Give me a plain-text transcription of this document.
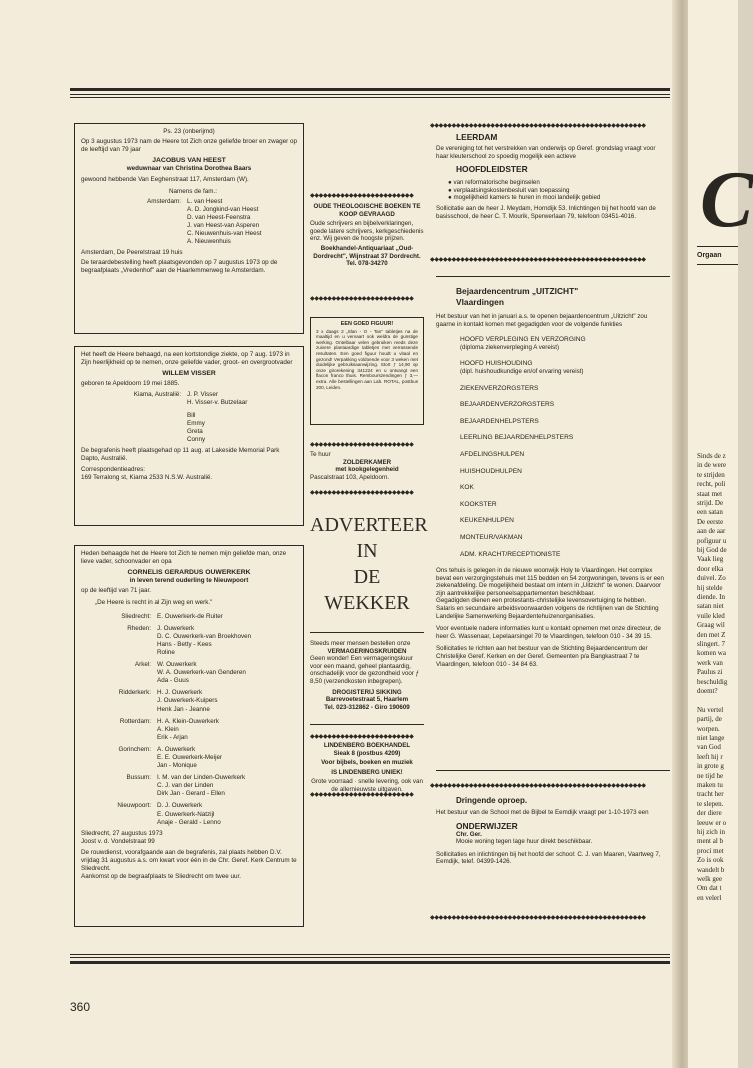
Ps. 23 (onberijmd)

Op 3 augustus 1973 nam de Heere tot Zich onze geliefde broer en zwager op de leeftijd van 79 jaar

JACOBUS VAN HEEST

weduwnaar van Christina Dorothea Baars

gewoond hebbende Van Eeghenstraat 117, Amsterdam (W).

Namens de fam.:

Amsterdam: L. van Heest

A. D. Jongkind-van Heest

D. van Heest-Feenstra

J. van Heest-van Asperen

C. Nieuwenhuis-van Heest

A. Nieuwenhuis

Amsterdam, De Peerelstraat 19 huis

De teraardebestelling heeft plaatsgevonden op 7 augustus 1973 op de begraafplaats „Vredenhof" aan de Haarlemmerweg te Amsterdam.

Het heeft de Heere behaagd, na een kortstondige ziekte, op 7 aug. 1973 in Zijn heerlijkheid op te nemen, onze geliefde vader, groot- en overgrootvader

WILLEM VISSER

geboren te Apeldoorn 19 mei 1885.

Kiama, Australië: J. P. Visser

H. Visser-v. Butzelaar

Bill

Emmy

Greta

Conny

De begrafenis heeft plaatsgehad op 11 aug. at Lakeside Memorial Park Dapto, Australië.

Correspondentieadres:

169 Terralong st, Kiama 2533 N.S.W. Australië.

Heden behaagde het de Heere tot Zich te nemen mijn geliefde man, onze lieve vader, schoonvader en opa

CORNELIS GERARDUS OUWERKERK

in leven terend ouderling te Nieuwpoort

op de leeftijd van 71 jaar.

„De Heere is recht in al Zijn weg en werk."

Sliedrecht: E. Ouwerkerk-de Ruiter

Rheden: J. Ouwerkerk

D. C. Ouwerkerk-van Broekhoven

Hans - Betty - Kees

Roline

Arkel: W. Ouwerkerk

W. A. Ouwerkerk-van Genderen

Ada - Guus

Ridderkerk: H. J. Ouwerkerk

J. Ouwerkerk-Kuipers

Henk Jan - Jeanne

Rotterdam: H. A. Klein-Ouwerkerk

A. Klein

Erik - Arjan

Gorinchem: A. Ouwerkerk

E. E. Ouwerkerk-Meijer

Jan - Monique

Bussum: I. M. van der Linden-Ouwerkerk

C. J. van der Linden

Dirk Jan - Gerard - Ellen

Nieuwpoort: D. J. Ouwerkerk

E. Ouwerkerk-Natzijl

Anaje - Gerald - Lenno

Sliedrecht, 27 augustus 1973

Joost v. d. Vondelstraat 99

De rouwdienst, voorafgaande aan de begrafenis, zal plaats hebben D.V. vrijdag 31 augustus a.s. om kwart voor één in de Chr. Geref. Kerk Centrum te Sliedrecht.

Aankomst op de begraafplaats te Sliedrecht om twee uur.

◆◆◆◆◆◆◆◆◆◆◆◆◆◆◆◆◆◆◆◆◆◆◆◆

OUDE THEOLOGISCHE BOEKEN TE KOOP GEVRAAGD

Oude schrijvers en bijbelverklaringen, goede latere schrijvers, kerkgeschiedenis enz. Wij geven de hoogste prijzen.

Boekhandel-Antiquariaat „Oud-Dordrecht", Wijnstraat 37 Dordrecht. Tel. 078-34270

◆◆◆◆◆◆◆◆◆◆◆◆◆◆◆◆◆◆◆◆◆◆◆◆

EEN GOED FIGUUR!

3 x daags 2 „Slan - O - Tan" tabletjes na de maaltijd en u vervaart ook weldra de gunstige werking. Ontelbaar velen gebruiken reeds deze zuivere plantaardige tabletjes met verrassende resultaten. Een goed figuur houdt u vitaal en gezond! Verpakking voldoende voor 3 weken met duidelijke gebruiksaanwijzing. Stort ƒ 14,90 op onze girorekening 341224 en u ontvangt een flacon franco thuis. Rembourszendingen ƒ 3,— extra. Alle bestellingen aan Lab. ROTAL, postbus 200, Leiden.

◆◆◆◆◆◆◆◆◆◆◆◆◆◆◆◆◆◆◆◆◆◆◆◆

Te huur

ZOLDERKAMER

met kookgelegenheid

Pascalstraat 103, Apeldoorn.

◆◆◆◆◆◆◆◆◆◆◆◆◆◆◆◆◆◆◆◆◆◆◆◆
ADVERTEER
IN
DE
WEKKER

Steeds meer mensen bestellen onze

VERMAGERINGSKRUIDEN

Geen wonder! Een vermageringskuur voor een maand, geheel plantaardig, onschadelijk voor de gezondheid voor ƒ 8,50 (verzendkosten inbegrepen).

DROGISTERIJ SIKKING

Barrevoetestraat 5, Haarlem

Tel. 023-312862 - Giro 190609

◆◆◆◆◆◆◆◆◆◆◆◆◆◆◆◆◆◆◆◆◆◆◆◆

LINDENBERG BOEKHANDEL

Sieak 8 (postbus 4209)

Voor bijbels, boeken en muziek

IS LINDENBERG UNIEK!

Grote voorraad · snelle levering, ook van de allernieuwste uitgaven.

◆◆◆◆◆◆◆◆◆◆◆◆◆◆◆◆◆◆◆◆◆◆◆◆
◆◆◆◆◆◆◆◆◆◆◆◆◆◆◆◆◆◆◆◆◆◆◆◆◆◆◆◆◆◆◆◆◆◆◆◆◆◆◆◆◆◆◆◆◆◆◆◆◆◆

LEERDAM

De vereniging tot het verstrekken van onderwijs op Geref. grondslag vraagt voor haar kleuterschool zo spoedig mogelijk een actieve

HOOFDLEIDSTER

● van reformatorische beginselen

● verplaatsingskostenbesluit van toepassing

● mogelijkheid kamers te huren in mooi landelijk gebied

Sollicitatie aan de heer J. Meydam, Horndijk 53. Inlichtingen bij het hoofd van de basisschool, de heer C. T. Mourik, Sperwerlaan 79, telefoon 03451-4016.

◆◆◆◆◆◆◆◆◆◆◆◆◆◆◆◆◆◆◆◆◆◆◆◆◆◆◆◆◆◆◆◆◆◆◆◆◆◆◆◆◆◆◆◆◆◆◆◆◆◆

Bejaardencentrum „UITZICHT"

Vlaardingen

Het bestuur van het in januari a.s. te openen bejaardencentrum „Uitzicht" zou gaarne in kontakt komen met gegadigden voor de volgende funkties

HOOFD VERPLEGING EN VERZORGING

(diploma ziekenverpleging A vereist)

HOOFD HUISHOUDING

(dipl. huishoudkundige en/of ervaring vereist)

ZIEKENVERZORGSTERS

BEJAARDENVERZORGSTERS

BEJAARDENHELPSTERS

LEERLING BEJAARDENHELPSTERS

AFDELINGSHULPEN

HUISHOUDHULPEN

KOK

KOOKSTER

KEUKENHULPEN

MONTEUR/VAKMAN

ADM. KRACHT/RECEPTIONISTE

Ons tehuis is gelegen in de nieuwe woonwijk Holy te Vlaardingen. Het complex bevat een verzorgingstehuis met 115 bedden en 54 zorgwoningen, tevens is er een ziekenafdeling. De mogelijkheid bestaat om intern in „Uitzicht" te wonen. Daarvoor zijn aantrekkelijke personeelsappartementen beschikbaar.

Gegadigden dienen een protestants-christelijke levensovertuiging te hebben.

Salaris en secundaire arbeidsvoorwaarden volgens de richtlijnen van de Stichting Landelijke Samenwerking Bejaardentehuizenorganisaties.

Voor eventuele nadere informaties kunt u kontakt opnemen met onze directeur, de heer G. Wassenaar, Lepelaarsingel 70 te Vlaardingen, telefoon 010 - 34 39 15.

Sollicitaties te richten aan het bestuur van de Stichting Bejaardencentrum der Christelijke Geref. Kerken en der Geref. Gemeenten p/a Bangkastraat 7 te Vlaardingen, telefoon 010 - 34 84 63.

◆◆◆◆◆◆◆◆◆◆◆◆◆◆◆◆◆◆◆◆◆◆◆◆◆◆◆◆◆◆◆◆◆◆◆◆◆◆◆◆◆◆◆◆◆◆◆◆◆◆

Dringende oproep.

Het bestuur van de School met de Bijbel te Eemdijk vraagt per 1-10-1973 een

ONDERWIJZER

Chr. Ger.

Mooie woning tegen lage huur direkt beschikbaar.

Sollicitaties en inlichtingen bij het hoofd der school: C. J. van Maaren, Vaartweg 7, Eemdijk, telef. 04399-1426.

◆◆◆◆◆◆◆◆◆◆◆◆◆◆◆◆◆◆◆◆◆◆◆◆◆◆◆◆◆◆◆◆◆◆◆◆◆◆◆◆◆◆◆◆◆◆◆◆◆◆
360
C
Orgaan
Sinds de z
in de were
te strijden
recht, poli
staat met
strijd. De
een satan
De eerste
aan de aar
pofiguur u
bij God de
Vaak lieg
door elka
duivel. Zo
hij stelde
diende. In
satan niet
vuile kled
Graag wil
den met Z
slingert. 7
komen wa
werk van
Paulus zi
beschuldig
doemt?
Nu vertel
partij, de
worpen.
niet lange
van God
leeft hij r
in grote g
ne tijd he
maken tu
tracht her
te slepen.
der diere
leeuw er o
hij zich in
ment al b
proci met
Zo is ook
wandelt b
welk gee
Om dat t
en velerl
